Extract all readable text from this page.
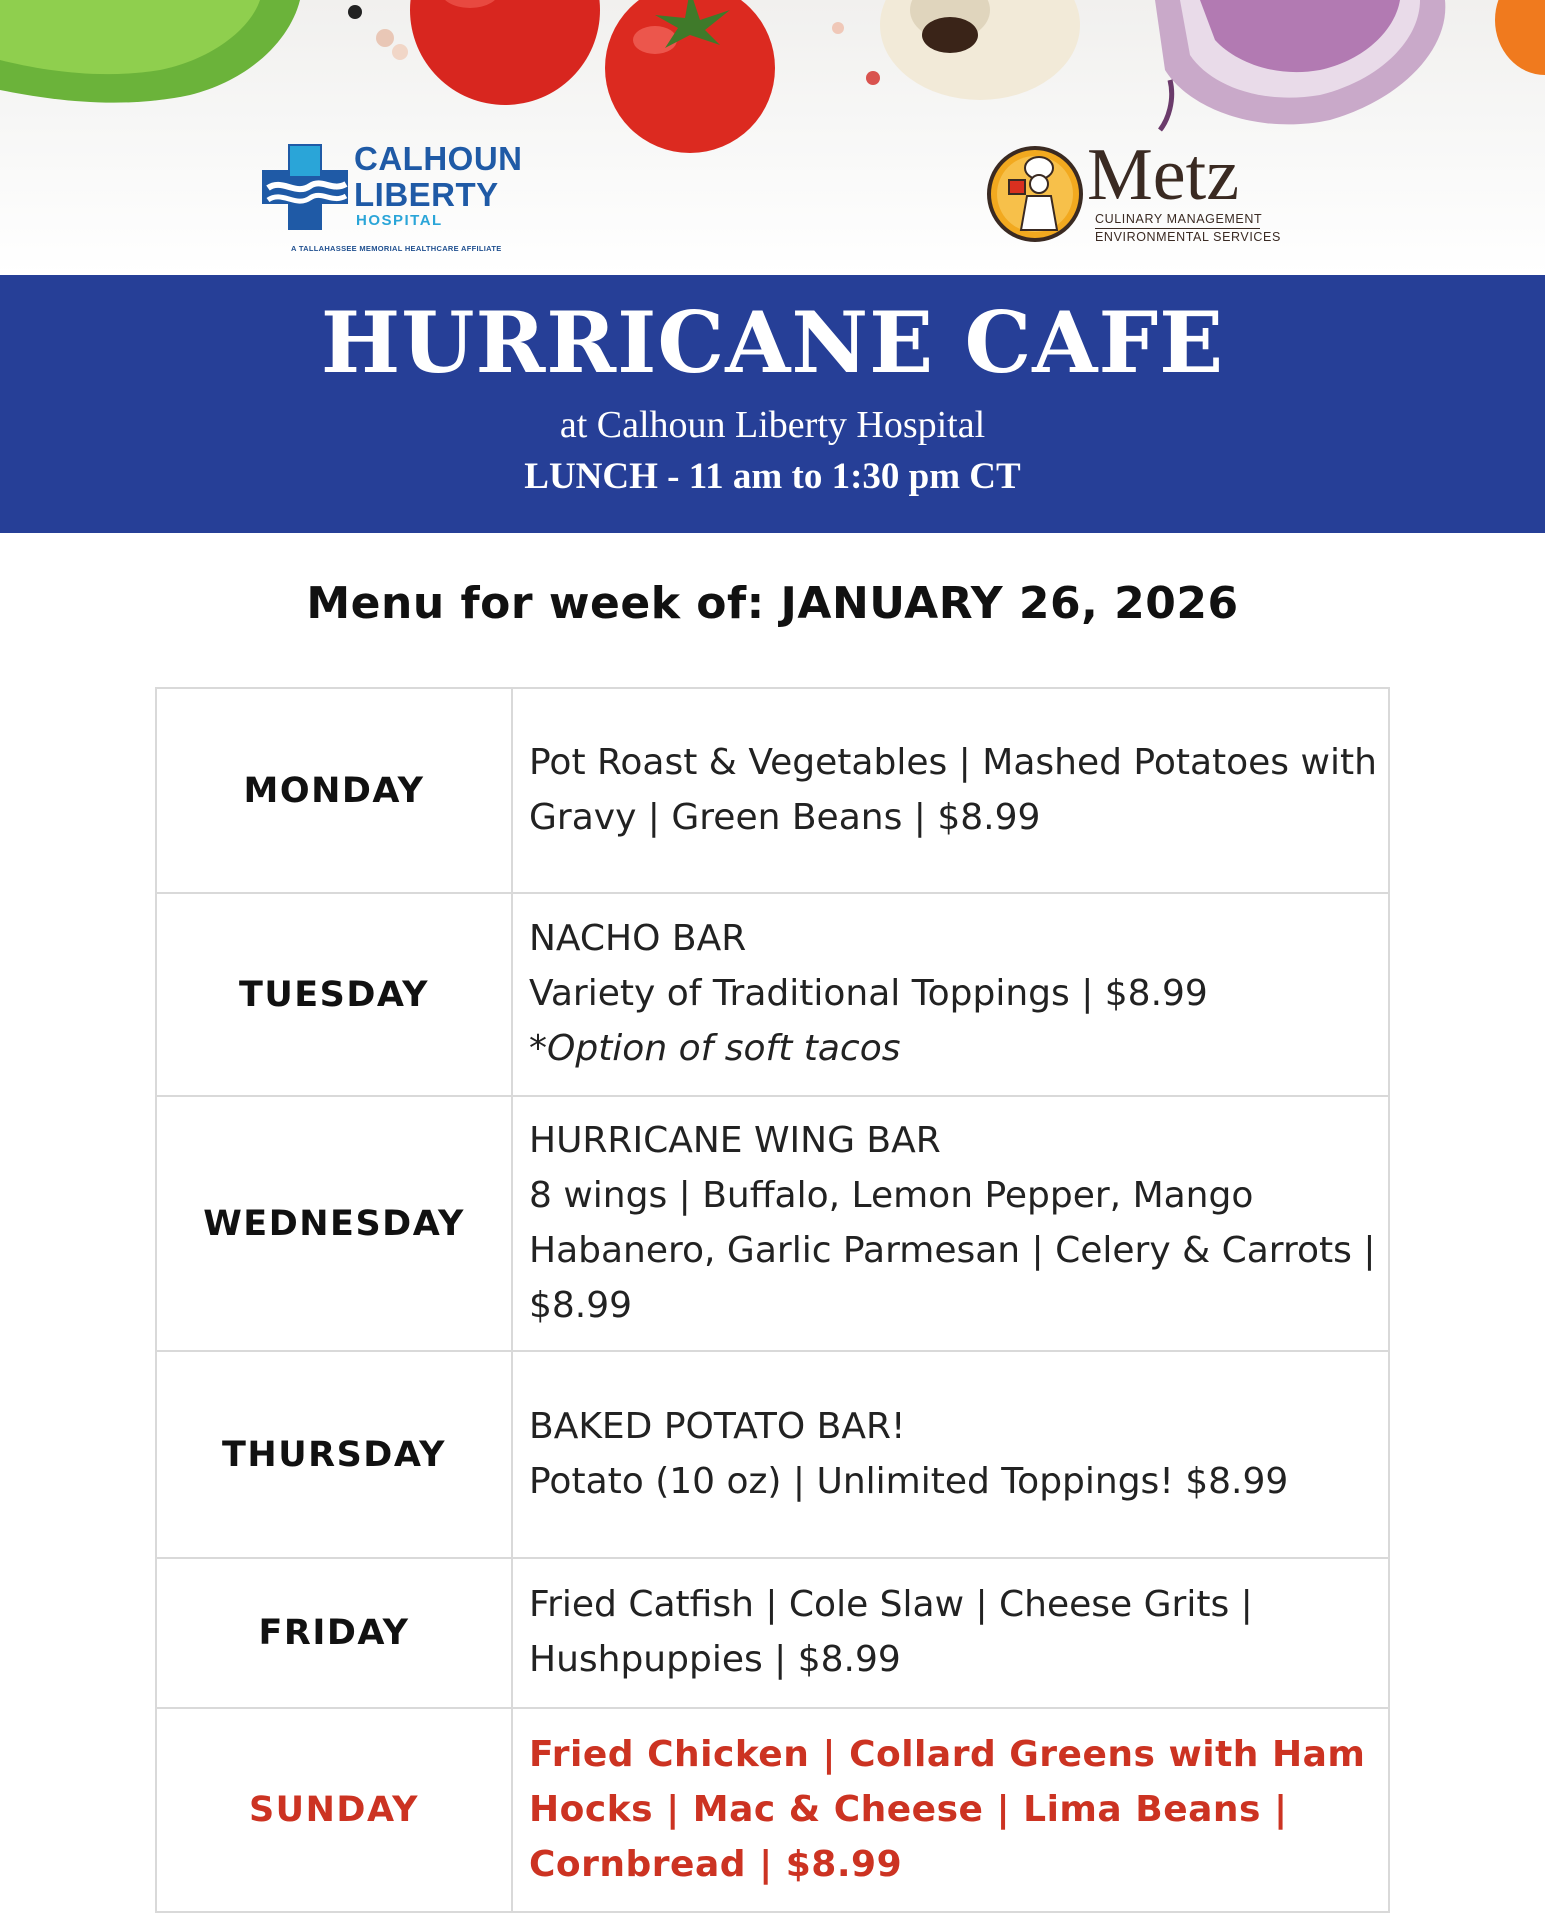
CALHOUN
LIBERTY
HOSPITAL
A TALLAHASSEE MEMORIAL HEALTHCARE AFFILIATE
Metz
CULINARY MANAGEMENT
ENVIRONMENTAL SERVICES
HURRICANE CAFE
at Calhoun Liberty Hospital
LUNCH - 11 am to 1:30 pm CT
Menu for week of: JANUARY 26, 2026
MONDAY	Pot Roast & Vegetables | Mashed Potatoes with Gravy | Green Beans | $8.99

TUESDAY	NACHO BAR
Variety of Traditional Toppings | $8.99
*Option of soft tacos

WEDNESDAY	HURRICANE WING BAR
8 wings | Buffalo, Lemon Pepper, Mango Habanero, Garlic Parmesan | Celery & Carrots | $8.99

THURSDAY	BAKED POTATO BAR!
Potato (10 oz) | Unlimited Toppings! $8.99

FRIDAY	Fried Catfish | Cole Slaw | Cheese Grits | Hushpuppies | $8.99

SUNDAY	Fried Chicken | Collard Greens with Ham Hocks | Mac & Cheese | Lima Beans | Cornbread | $8.99
